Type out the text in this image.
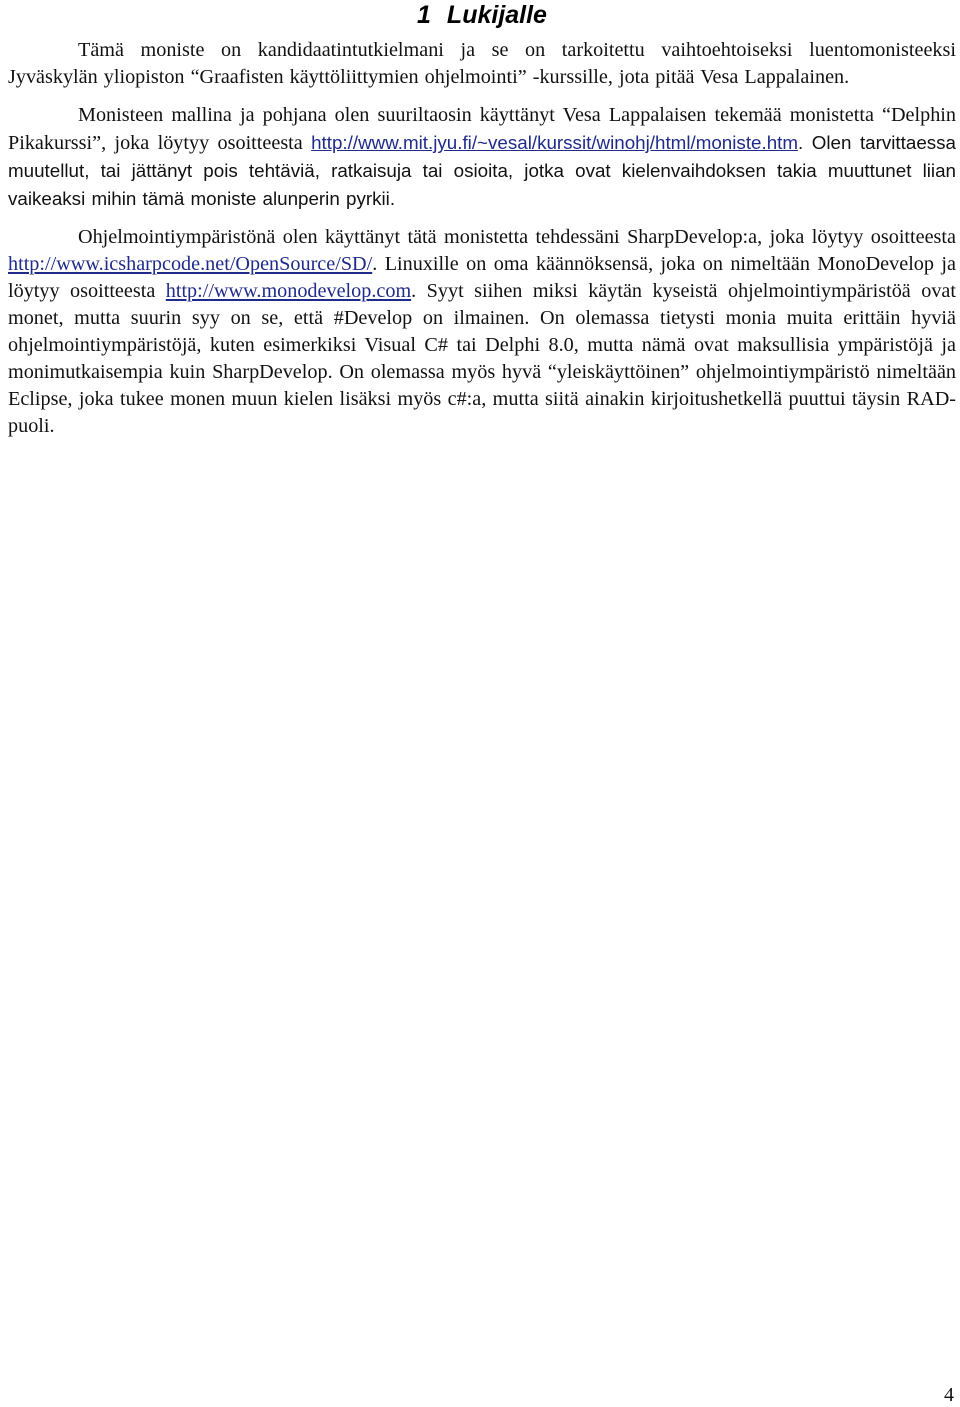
1 Lukijalle

Tämä moniste on kandidaatintutkielmani ja se on tarkoitettu vaihtoehtoiseksi luentomonisteeksi Jyväskylän yliopiston “Graafisten käyttöliittymien ohjelmointi” -kurssille, jota pitää Vesa Lappalainen.

Monisteen mallina ja pohjana olen suuriltaosin käyttänyt Vesa Lappalaisen tekemää monistetta “Delphin Pikakurssi”, joka löytyy osoitteesta http://www.mit.jyu.fi/~vesal/kurssit/winohj/html/moniste.htm. Olen tarvittaessa muutellut, tai jättänyt pois tehtäviä, ratkaisuja tai osioita, jotka ovat kielenvaihdoksen takia muuttunet liian vaikeaksi mihin tämä moniste alunperin pyrkii.

Ohjelmointiympäristönä olen käyttänyt tätä monistetta tehdessäni SharpDevelop:a, joka löytyy osoitteesta http://www.icsharpcode.net/OpenSource/SD/. Linuxille on oma käännöksensä, joka on nimeltään MonoDevelop ja löytyy osoitteesta http://www.monodevelop.com. Syyt siihen miksi käytän kyseistä ohjelmointiympäristöä ovat monet, mutta suurin syy on se, että #Develop on ilmainen. On olemassa tietysti monia muita erittäin hyviä ohjelmointiympäristöjä, kuten esimerkiksi Visual C# tai Delphi 8.0, mutta nämä ovat maksullisia ympäristöjä ja monimutkaisempia kuin SharpDevelop. On olemassa myös hyvä “yleiskäyttöinen” ohjelmointiympäristö nimeltään Eclipse, joka tukee monen muun kielen lisäksi myös c#:a, mutta siitä ainakin kirjoitushetkellä puuttui täysin RAD-puoli.

4
